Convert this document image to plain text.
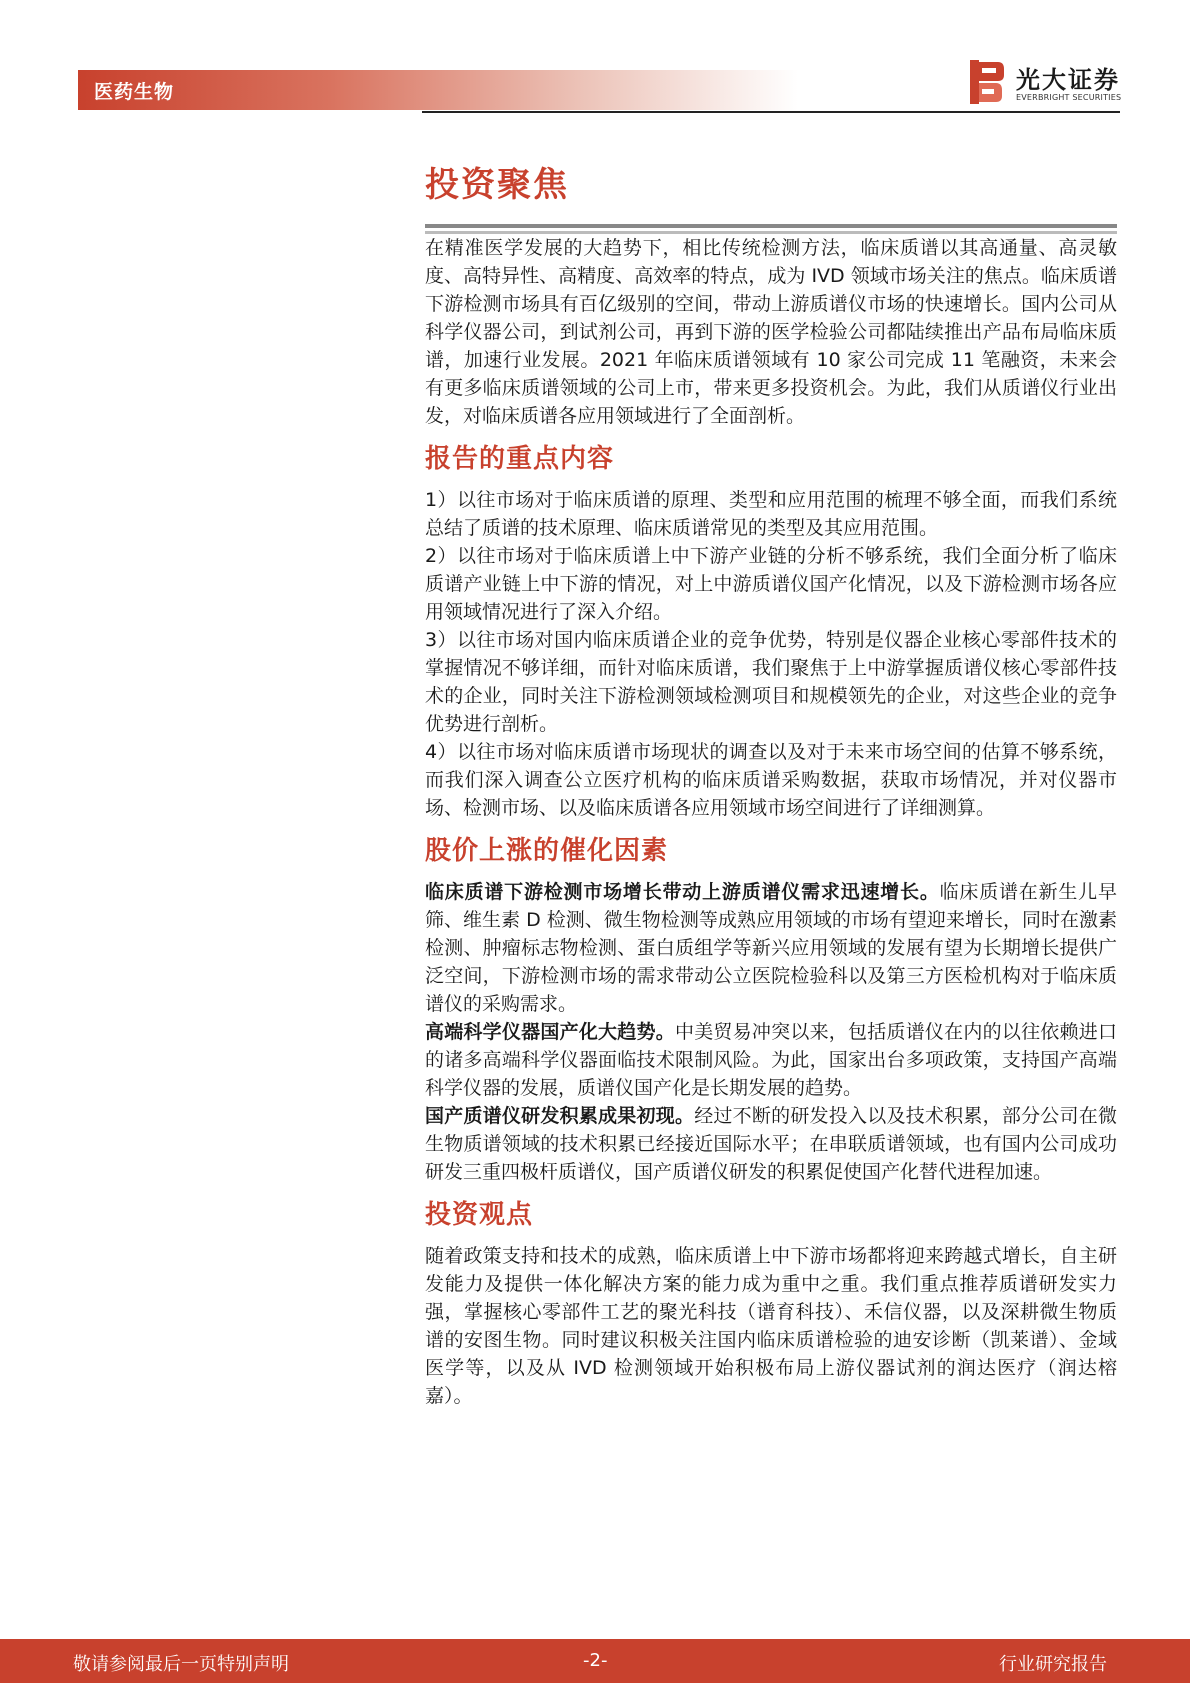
医药生物	光大证券
EVERBRIGHT SECURITIES
投资聚焦

在精准医学发展的大趋势下，相比传统检测方法，临床质谱以其高通量、高灵敏度、高特异性、高精度、高效率的特点，成为 IVD 领域市场关注的焦点。临床质谱下游检测市场具有百亿级别的空间，带动上游质谱仪市场的快速增长。国内公司从科学仪器公司，到试剂公司，再到下游的医学检验公司都陆续推出产品布局临床质谱，加速行业发展。2021 年临床质谱领域有 10 家公司完成 11 笔融资，未来会有更多临床质谱领域的公司上市，带来更多投资机会。为此，我们从质谱仪行业出发，对临床质谱各应用领域进行了全面剖析。

报告的重点内容

1）以往市场对于临床质谱的原理、类型和应用范围的梳理不够全面，而我们系统总结了质谱的技术原理、临床质谱常见的类型及其应用范围。

2）以往市场对于临床质谱上中下游产业链的分析不够系统，我们全面分析了临床质谱产业链上中下游的情况，对上中游质谱仪国产化情况，以及下游检测市场各应用领域情况进行了深入介绍。

3）以往市场对国内临床质谱企业的竞争优势，特别是仪器企业核心零部件技术的掌握情况不够详细，而针对临床质谱，我们聚焦于上中游掌握质谱仪核心零部件技术的企业，同时关注下游检测领域检测项目和规模领先的企业，对这些企业的竞争优势进行剖析。

4）以往市场对临床质谱市场现状的调查以及对于未来市场空间的估算不够系统，而我们深入调查公立医疗机构的临床质谱采购数据，获取市场情况，并对仪器市场、检测市场、以及临床质谱各应用领域市场空间进行了详细测算。

股价上涨的催化因素

临床质谱下游检测市场增长带动上游质谱仪需求迅速增长。临床质谱在新生儿早筛、维生素 D 检测、微生物检测等成熟应用领域的市场有望迎来增长，同时在激素检测、肿瘤标志物检测、蛋白质组学等新兴应用领域的发展有望为长期增长提供广泛空间，下游检测市场的需求带动公立医院检验科以及第三方医检机构对于临床质谱仪的采购需求。

高端科学仪器国产化大趋势。中美贸易冲突以来，包括质谱仪在内的以往依赖进口的诸多高端科学仪器面临技术限制风险。为此，国家出台多项政策，支持国产高端科学仪器的发展，质谱仪国产化是长期发展的趋势。

国产质谱仪研发积累成果初现。经过不断的研发投入以及技术积累，部分公司在微生物质谱领域的技术积累已经接近国际水平；在串联质谱领域，也有国内公司成功研发三重四极杆质谱仪，国产质谱仪研发的积累促使国产化替代进程加速。

投资观点

随着政策支持和技术的成熟，临床质谱上中下游市场都将迎来跨越式增长，自主研发能力及提供一体化解决方案的能力成为重中之重。我们重点推荐质谱研发实力强，掌握核心零部件工艺的聚光科技（谱育科技）、禾信仪器，以及深耕微生物质谱的安图生物。同时建议积极关注国内临床质谱检验的迪安诊断（凯莱谱）、金域医学等，以及从 IVD 检测领域开始积极布局上游仪器试剂的润达医疗（润达榕嘉）。

敬请参阅最后一页特别声明	-2-	行业研究报告
